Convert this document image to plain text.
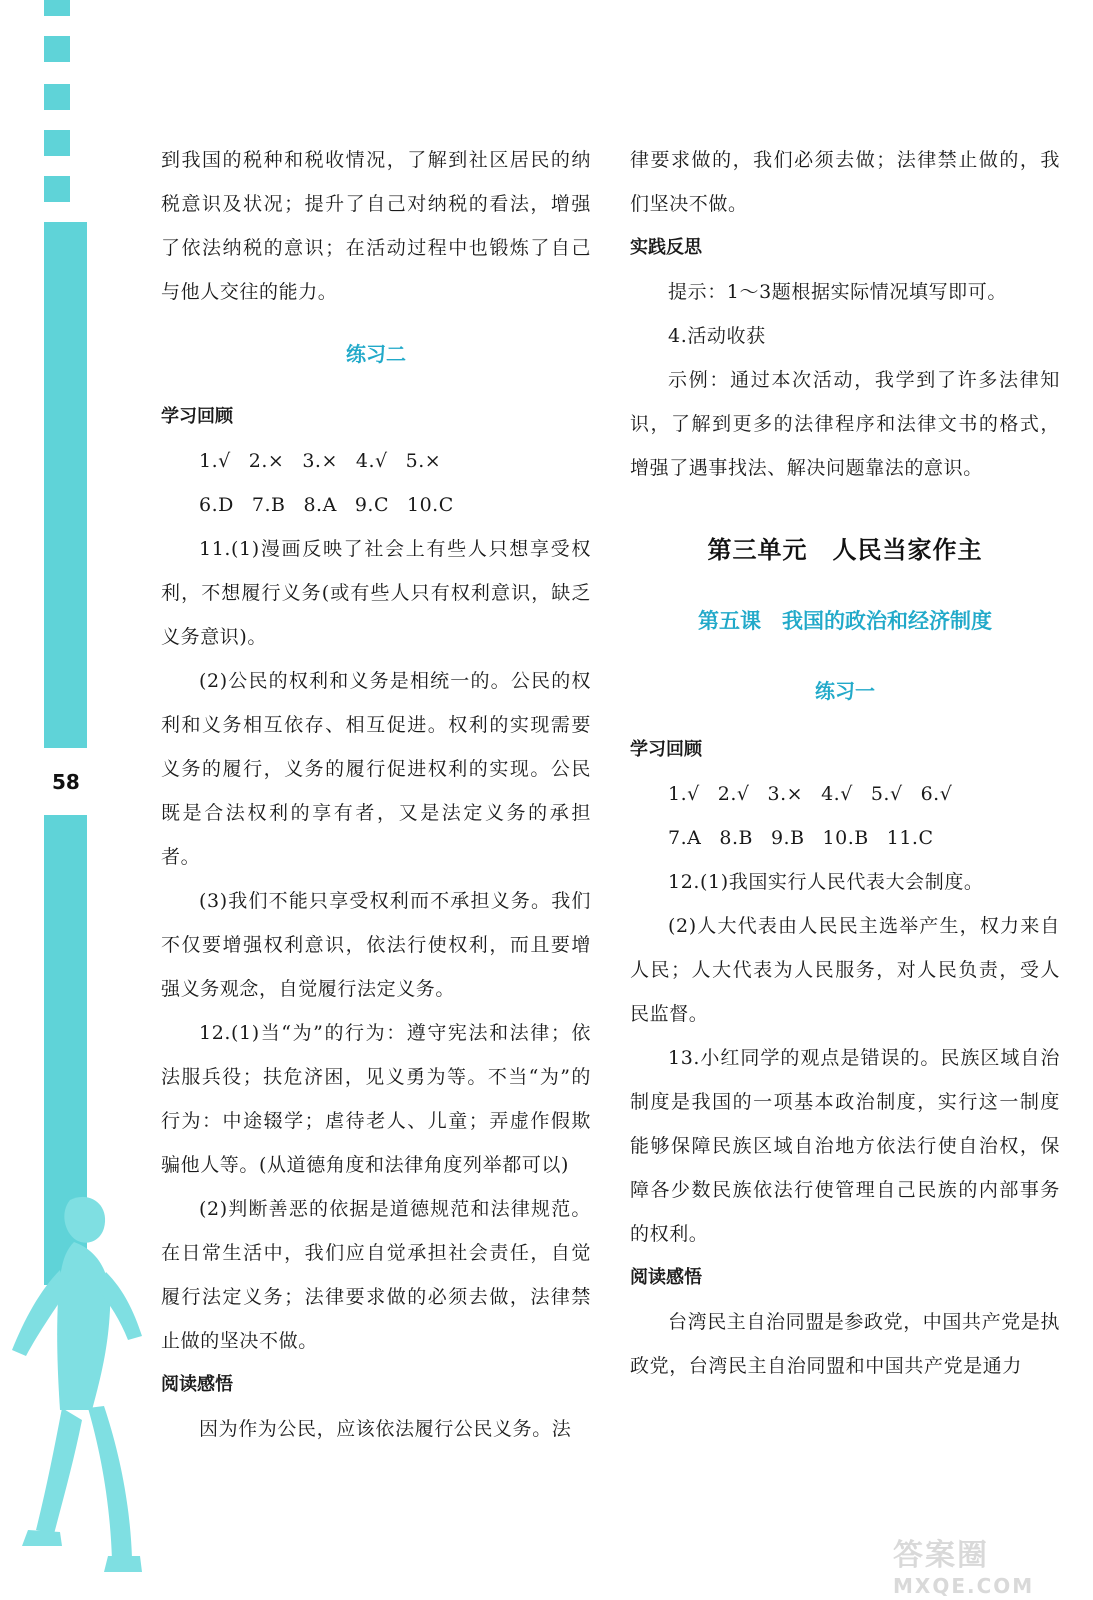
58

到我国的税种和税收情况，了解到社区居民的纳税意识及状况；提升了自己对纳税的看法，增强了依法纳税的意识；在活动过程中也锻炼了自己与他人交往的能力。

练习二

学习回顾

1.√ 2.× 3.× 4.√ 5.×

6.D 7.B 8.A 9.C 10.C

11.(1)漫画反映了社会上有些人只想享受权利，不想履行义务(或有些人只有权利意识，缺乏义务意识)。

(2)公民的权利和义务是相统一的。公民的权利和义务相互依存、相互促进。权利的实现需要义务的履行，义务的履行促进权利的实现。公民既是合法权利的享有者，又是法定义务的承担者。

(3)我们不能只享受权利而不承担义务。我们不仅要增强权利意识，依法行使权利，而且要增强义务观念，自觉履行法定义务。

12.(1)当“为”的行为：遵守宪法和法律；依法服兵役；扶危济困，见义勇为等。不当“为”的行为：中途辍学；虐待老人、儿童；弄虚作假欺骗他人等。(从道德角度和法律角度列举都可以)

(2)判断善恶的依据是道德规范和法律规范。在日常生活中，我们应自觉承担社会责任，自觉履行法定义务；法律要求做的必须去做，法律禁止做的坚决不做。

阅读感悟

因为作为公民，应该依法履行公民义务。法

律要求做的，我们必须去做；法律禁止做的，我们坚决不做。

实践反思

提示：1～3题根据实际情况填写即可。

4.活动收获

示例：通过本次活动，我学到了许多法律知识，了解到更多的法律程序和法律文书的格式，增强了遇事找法、解决问题靠法的意识。

第三单元　人民当家作主

第五课　我国的政治和经济制度

练习一

学习回顾

1.√ 2.√ 3.× 4.√ 5.√ 6.√

7.A 8.B 9.B 10.B 11.C

12.(1)我国实行人民代表大会制度。

(2)人大代表由人民民主选举产生，权力来自人民；人大代表为人民服务，对人民负责，受人民监督。

13.小红同学的观点是错误的。民族区域自治制度是我国的一项基本政治制度，实行这一制度能够保障民族区域自治地方依法行使自治权，保障各少数民族依法行使管理自己民族的内部事务的权利。

阅读感悟

台湾民主自治同盟是参政党，中国共产党是执政党，台湾民主自治同盟和中国共产党是通力

答案圈
MXQE.COM
